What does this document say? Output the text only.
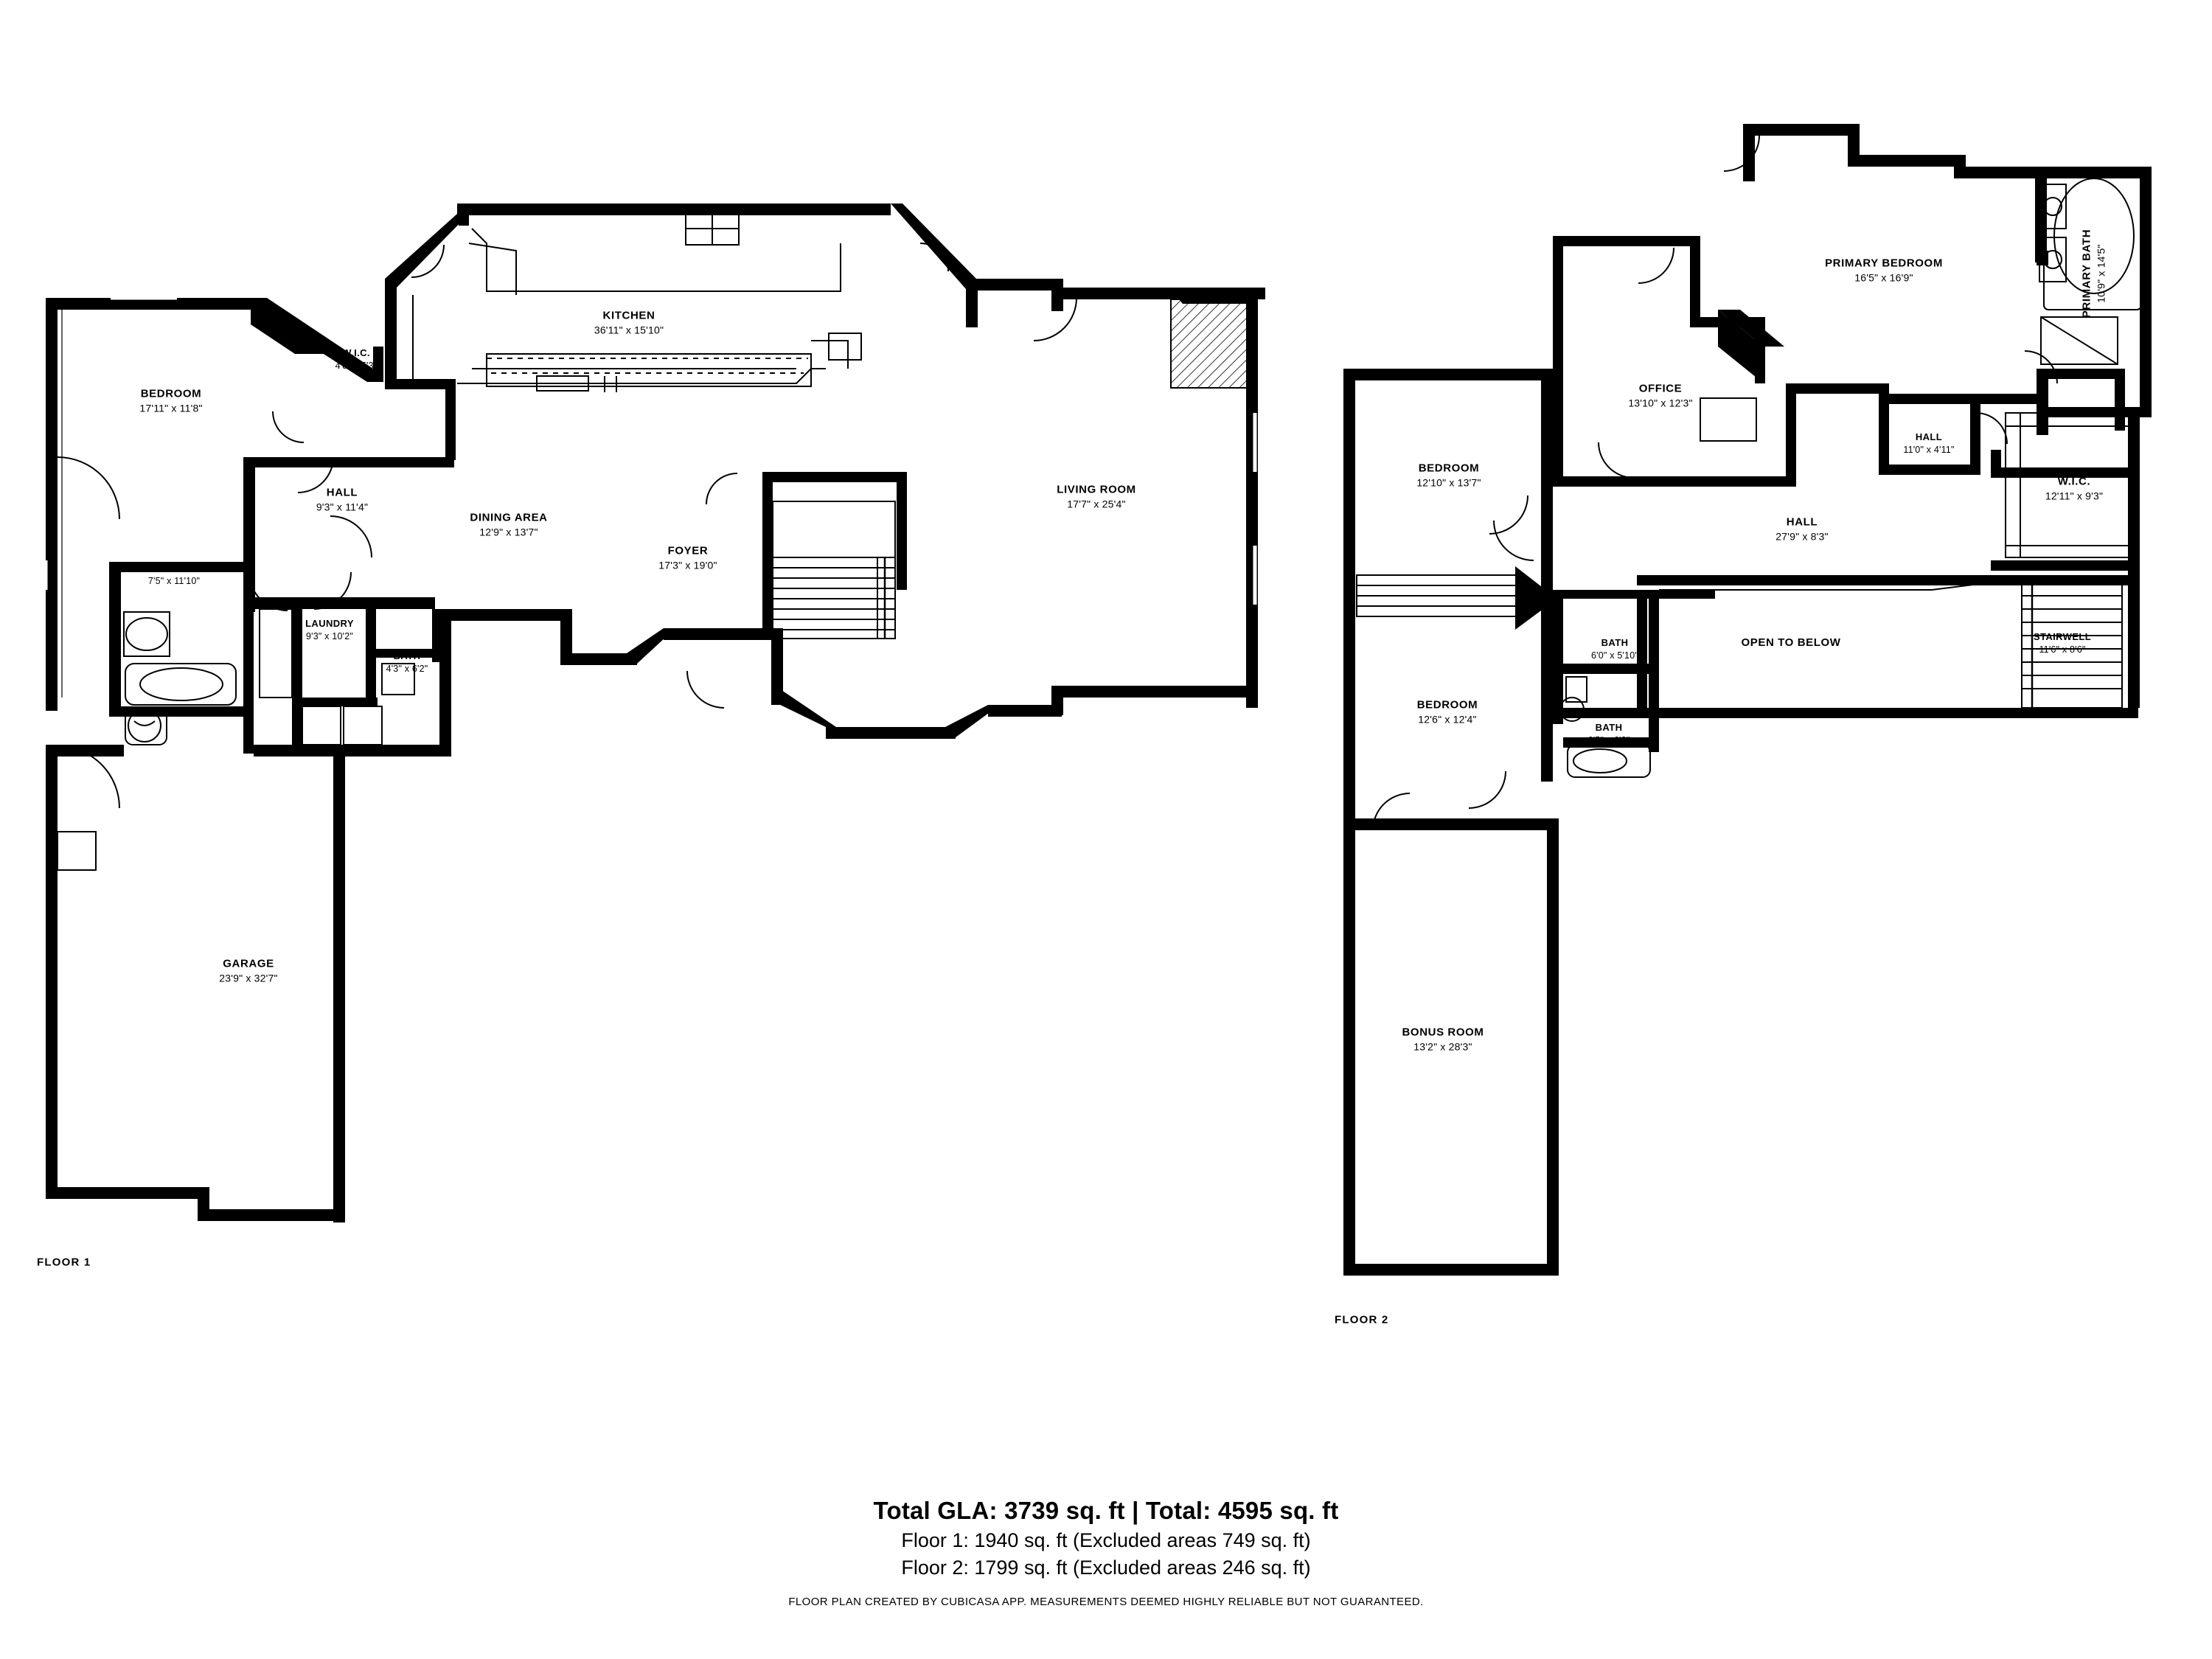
BEDROOM
17'11" x 11'8"
W.I.C.
4'8" x 5'3"
HALL
9'3" x 11'4"
BATH
7'5" x 11'10"
LAUNDRY
9'3" x 10'2"
BATH
4'3" x 6'2"
KITCHEN
36'11" x 15'10"
DINING AREA
12'9" x 13'7"
FOYER
17'3" x 19'0"
LIVING ROOM
17'7" x 25'4"
GARAGE
23'9" x 32'7"
PRIMARY BEDROOM
16'5" x 16'9"	PRIMARY BATH 10'9" x 14'5"
OFFICE
13'10" x 12'3"
HALL
11'0" x 4'11"
W.I.C.
12'11" x 9'3"
BEDROOM
12'10" x 13'7"
HALL
27'9" x 8'3"
OPEN TO BELOW	STAIRWELL
11'6" x 8'6"
BATH
6'0" x 5'10"
BEDROOM
12'6" x 12'4"
BATH
6'5" x 6'2"
BONUS ROOM
13'2" x 28'3"
FLOOR 1
FLOOR 2
Total GLA: 3739 sq. ft | Total: 4595 sq. ft
Floor 1: 1940 sq. ft (Excluded areas 749 sq. ft)
Floor 2: 1799 sq. ft (Excluded areas 246 sq. ft)
FLOOR PLAN CREATED BY CUBICASA APP. MEASUREMENTS DEEMED HIGHLY RELIABLE BUT NOT GUARANTEED.
